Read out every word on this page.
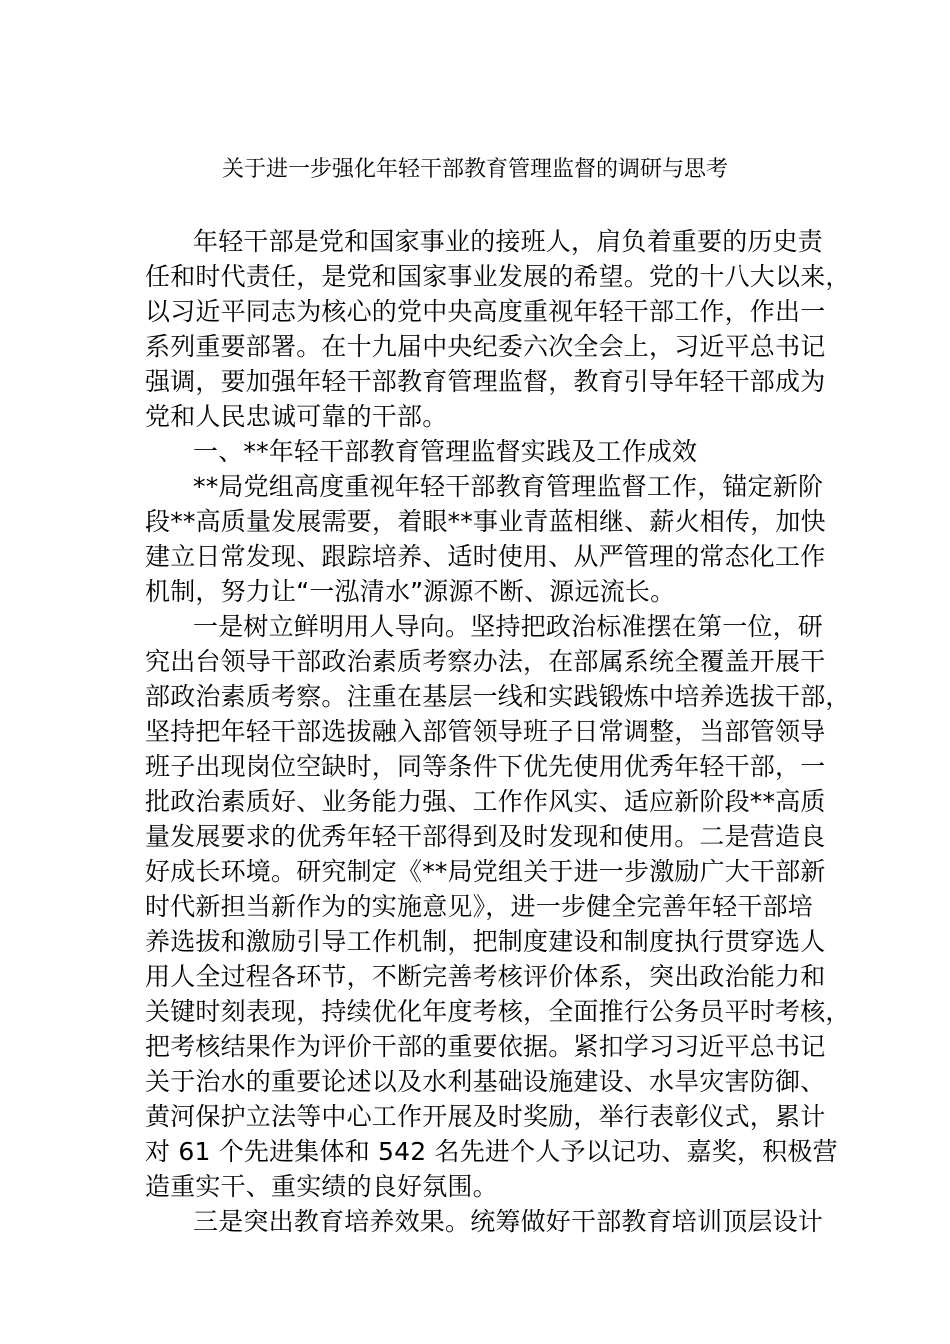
关于进一步强化年轻干部教育管理监督的调研与思考
年轻干部是党和国家事业的接班人，肩负着重要的历史责
任和时代责任，是党和国家事业发展的希望。党的十八大以来，
以习近平同志为核心的党中央高度重视年轻干部工作，作出一
系列重要部署。在十九届中央纪委六次全会上，习近平总书记
强调，要加强年轻干部教育管理监督，教育引导年轻干部成为
党和人民忠诚可靠的干部。
一、**年轻干部教育管理监督实践及工作成效
**局党组高度重视年轻干部教育管理监督工作，锚定新阶
段**高质量发展需要，着眼**事业青蓝相继、薪火相传，加快
建立日常发现、跟踪培养、适时使用、从严管理的常态化工作
机制，努力让“一泓清水”源源不断、源远流长。
一是树立鲜明用人导向。坚持把政治标准摆在第一位，研
究出台领导干部政治素质考察办法，在部属系统全覆盖开展干
部政治素质考察。注重在基层一线和实践锻炼中培养选拔干部，
坚持把年轻干部选拔融入部管领导班子日常调整，当部管领导
班子出现岗位空缺时，同等条件下优先使用优秀年轻干部，一
批政治素质好、业务能力强、工作作风实、适应新阶段**高质
量发展要求的优秀年轻干部得到及时发现和使用。二是营造良
好成长环境。研究制定《**局党组关于进一步激励广大干部新
时代新担当新作为的实施意见》，进一步健全完善年轻干部培
养选拔和激励引导工作机制，把制度建设和制度执行贯穿选人
用人全过程各环节，不断完善考核评价体系，突出政治能力和
关键时刻表现，持续优化年度考核，全面推行公务员平时考核，
把考核结果作为评价干部的重要依据。紧扣学习习近平总书记
关于治水的重要论述以及水利基础设施建设、水旱灾害防御、
黄河保护立法等中心工作开展及时奖励，举行表彰仪式，累计
对 61 个先进集体和 542 名先进个人予以记功、嘉奖，积极营
造重实干、重实绩的良好氛围。
三是突出教育培养效果。统筹做好干部教育培训顶层设计
